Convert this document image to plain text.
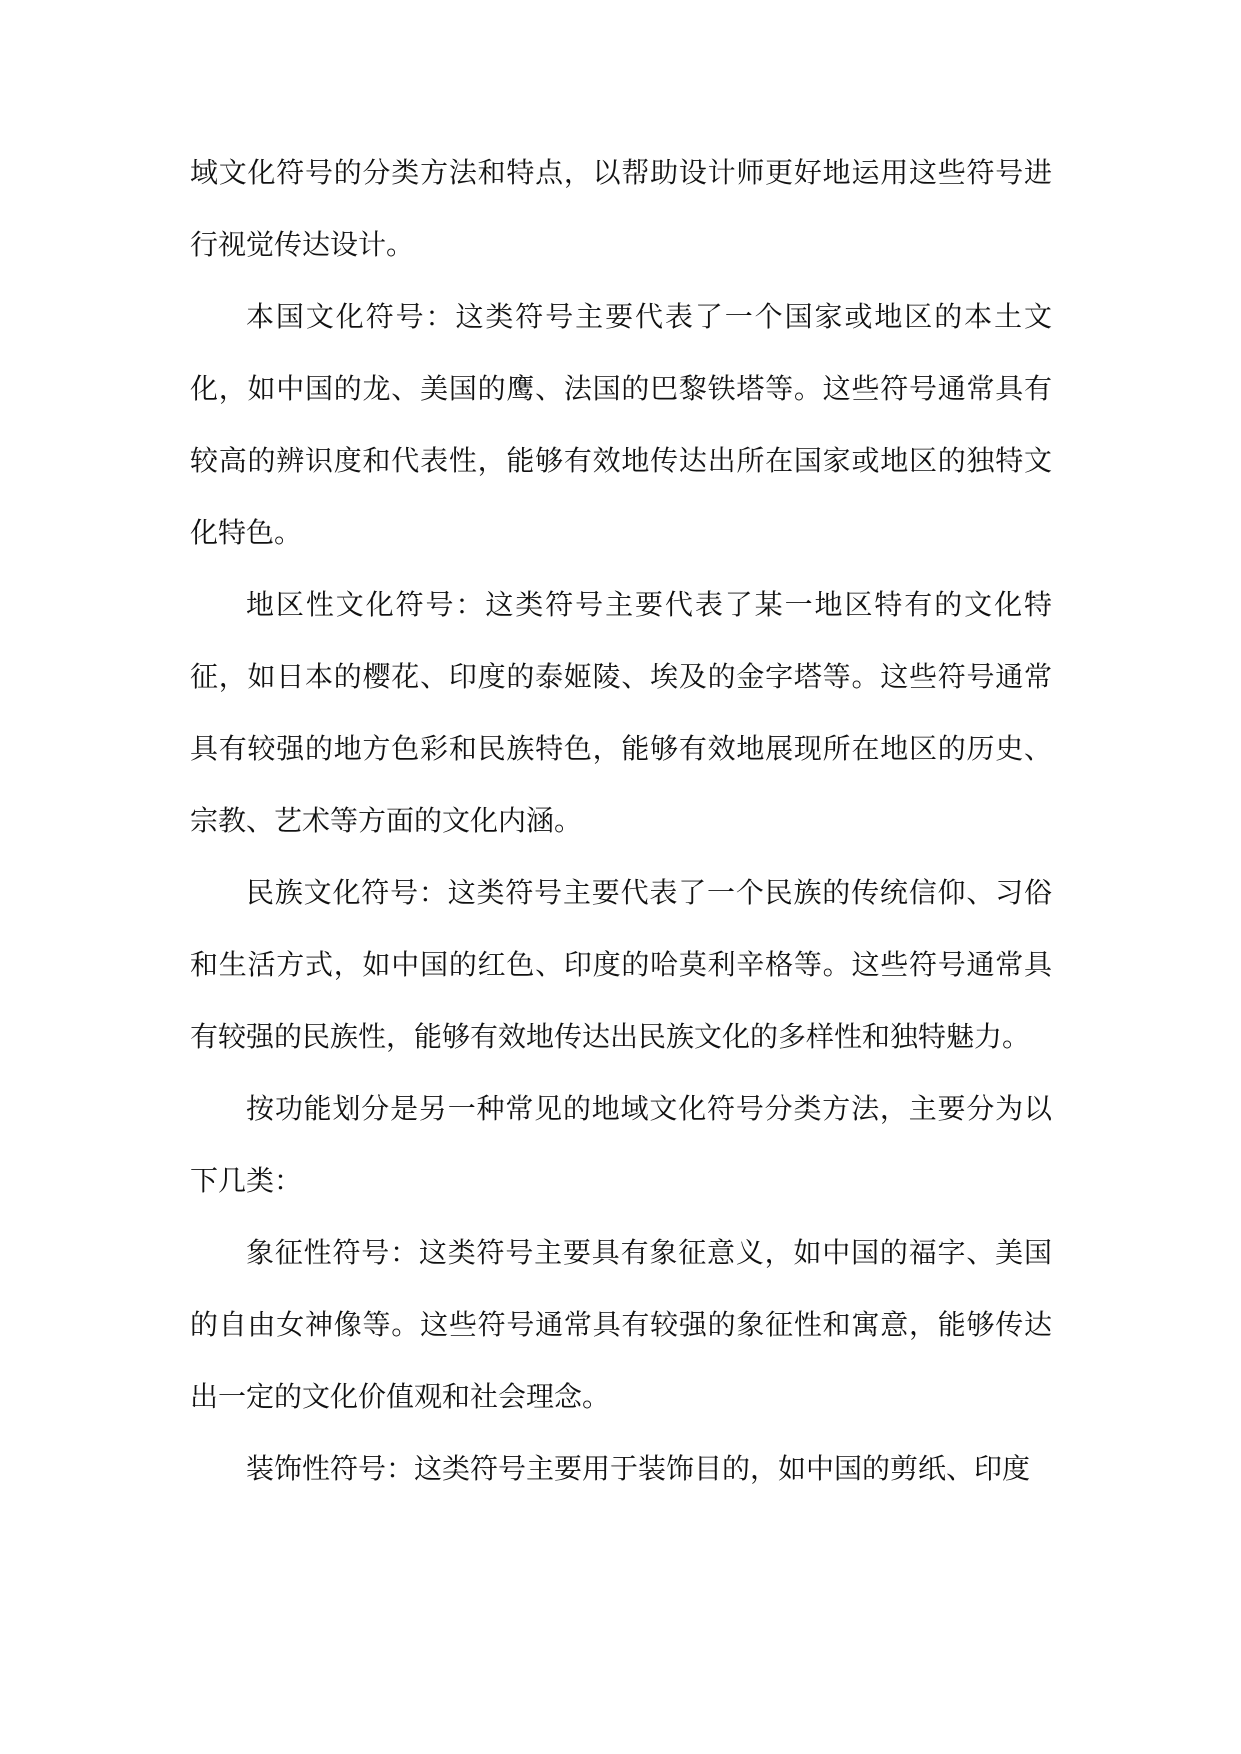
域文化符号的分类方法和特点，以帮助设计师更好地运用这些符号进行视觉传达设计。

本国文化符号：这类符号主要代表了一个国家或地区的本土文化，如中国的龙、美国的鹰、法国的巴黎铁塔等。这些符号通常具有较高的辨识度和代表性，能够有效地传达出所在国家或地区的独特文化特色。

地区性文化符号：这类符号主要代表了某一地区特有的文化特征，如日本的樱花、印度的泰姬陵、埃及的金字塔等。这些符号通常具有较强的地方色彩和民族特色，能够有效地展现所在地区的历史、宗教、艺术等方面的文化内涵。

民族文化符号：这类符号主要代表了一个民族的传统信仰、习俗和生活方式，如中国的红色、印度的哈莫利辛格等。这些符号通常具有较强的民族性，能够有效地传达出民族文化的多样性和独特魅力。

按功能划分是另一种常见的地域文化符号分类方法，主要分为以下几类：

象征性符号：这类符号主要具有象征意义，如中国的福字、美国的自由女神像等。这些符号通常具有较强的象征性和寓意，能够传达出一定的文化价值观和社会理念。

装饰性符号：这类符号主要用于装饰目的，如中国的剪纸、印度
